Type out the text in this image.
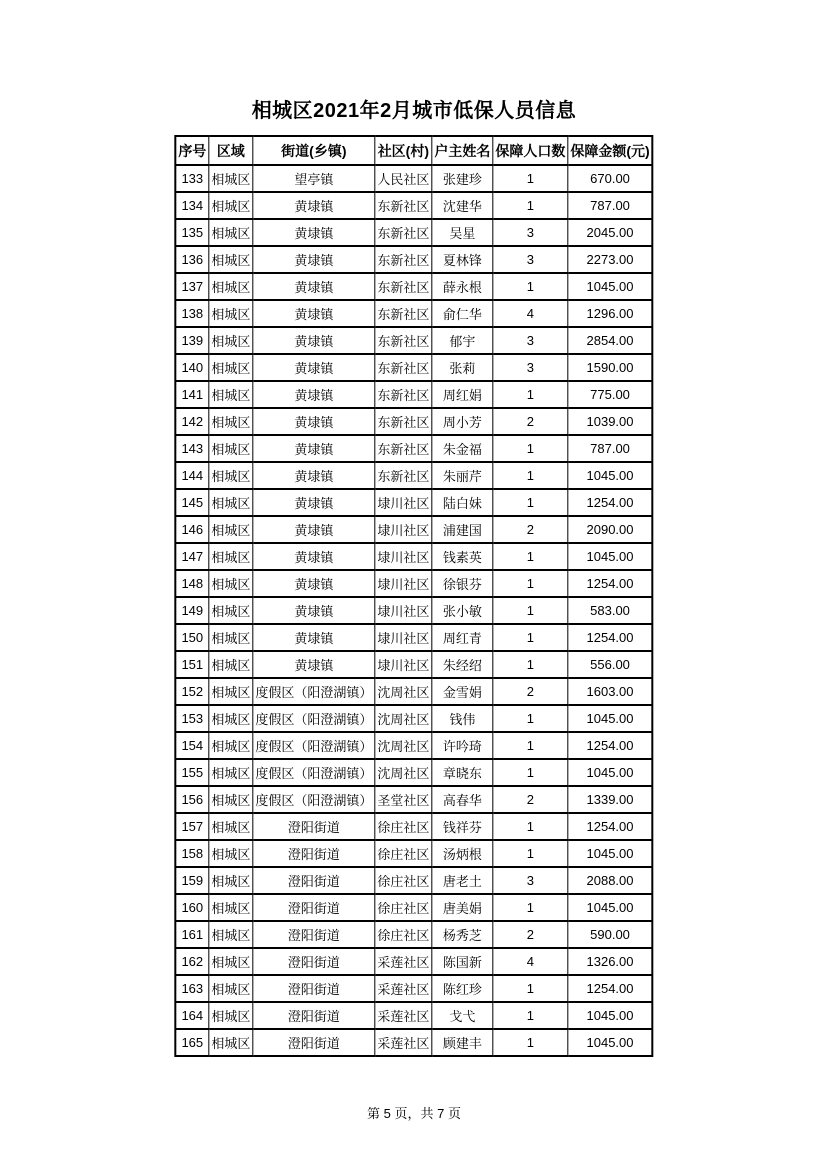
相城区2021年2月城市低保人员信息
序号	区域	街道(乡镇)	社区(村)	户主姓名	保障人口数	保障金额(元)
133	相城区	望亭镇	人民社区	张建珍	1	670.00
134	相城区	黄埭镇	东新社区	沈建华	1	787.00
135	相城区	黄埭镇	东新社区	吴星	3	2045.00
136	相城区	黄埭镇	东新社区	夏林锋	3	2273.00
137	相城区	黄埭镇	东新社区	薛永根	1	1045.00
138	相城区	黄埭镇	东新社区	俞仁华	4	1296.00
139	相城区	黄埭镇	东新社区	郁宇	3	2854.00
140	相城区	黄埭镇	东新社区	张莉	3	1590.00
141	相城区	黄埭镇	东新社区	周红娟	1	775.00
142	相城区	黄埭镇	东新社区	周小芳	2	1039.00
143	相城区	黄埭镇	东新社区	朱金福	1	787.00
144	相城区	黄埭镇	东新社区	朱丽芹	1	1045.00
145	相城区	黄埭镇	埭川社区	陆白妹	1	1254.00
146	相城区	黄埭镇	埭川社区	浦建国	2	2090.00
147	相城区	黄埭镇	埭川社区	钱素英	1	1045.00
148	相城区	黄埭镇	埭川社区	徐银芬	1	1254.00
149	相城区	黄埭镇	埭川社区	张小敏	1	583.00
150	相城区	黄埭镇	埭川社区	周红青	1	1254.00
151	相城区	黄埭镇	埭川社区	朱经绍	1	556.00
152	相城区	度假区（阳澄湖镇）	沈周社区	金雪娟	2	1603.00
153	相城区	度假区（阳澄湖镇）	沈周社区	钱伟	1	1045.00
154	相城区	度假区（阳澄湖镇）	沈周社区	许吟琦	1	1254.00
155	相城区	度假区（阳澄湖镇）	沈周社区	章晓东	1	1045.00
156	相城区	度假区（阳澄湖镇）	圣堂社区	高春华	2	1339.00
157	相城区	澄阳街道	徐庄社区	钱祥芬	1	1254.00
158	相城区	澄阳街道	徐庄社区	汤炳根	1	1045.00
159	相城区	澄阳街道	徐庄社区	唐老土	3	2088.00
160	相城区	澄阳街道	徐庄社区	唐美娟	1	1045.00
161	相城区	澄阳街道	徐庄社区	杨秀芝	2	590.00
162	相城区	澄阳街道	采莲社区	陈国新	4	1326.00
163	相城区	澄阳街道	采莲社区	陈红珍	1	1254.00
164	相城区	澄阳街道	采莲社区	戈弋	1	1045.00
165	相城区	澄阳街道	采莲社区	顾建丰	1	1045.00
第 5 页，共 7 页
